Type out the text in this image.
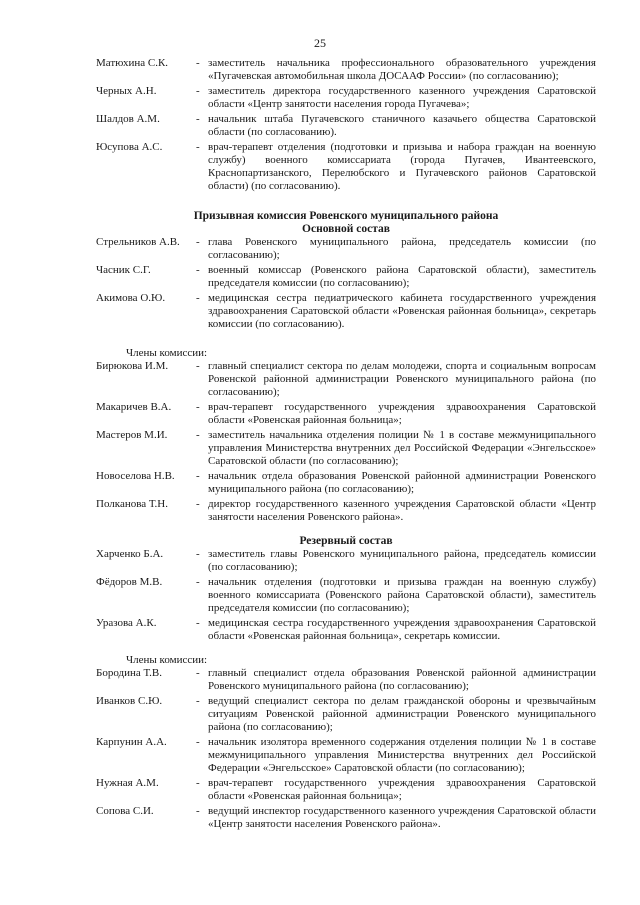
25
Матюхина С.К.	- заместитель начальника профессионального образовательного учреждения «Пугачевская автомобильная школа ДОСААФ России» (по согласованию);
Черных А.Н.	- заместитель директора государственного казенного учреждения Саратовской области «Центр занятости населения города Пугачева»;
Шалдов А.М.	- начальник штаба Пугачевского станичного казачьего общества Саратовской области (по согласованию).
Юсупова А.С.	- врач-терапевт отделения (подготовки и призыва и набора граждан на военную службу) военного комиссариата (города Пугачев, Ивантеевского, Краснопартизанского, Перелюбского и Пугачевского районов Саратовской области) (по согласованию).
Призывная комиссия Ровенского муниципального района
Основной состав
Стрельников А.В.	- глава Ровенского муниципального района, председатель комиссии (по согласованию);
Часник С.Г.	- военный комиссар (Ровенского района Саратовской области), заместитель председателя комиссии (по согласованию);
Акимова О.Ю.	- медицинская сестра педиатрического кабинета государственного учреждения здравоохранения Саратовской области «Ровенская районная больница», секретарь комиссии (по согласованию).
Члены комиссии:
Бирюкова И.М.	- главный специалист сектора по делам молодежи, спорта и социальным вопросам Ровенской районной администрации Ровенского муниципального района (по согласованию);
Макаричев В.А.	- врач-терапевт государственного учреждения здравоохранения Саратовской области «Ровенская районная больница»;
Мастеров М.И.	- заместитель начальника отделения полиции № 1 в составе межмуниципального управления Министерства внутренних дел Российской Федерации «Энгельсское» Саратовской области (по согласованию);
Новоселова Н.В.	- начальник отдела образования Ровенской районной администрации Ровенского муниципального района (по согласованию);
Полканова Т.Н.	- директор государственного казенного учреждения Саратовской области «Центр занятости населения Ровенского района».
Резервный состав
Харченко Б.А.	- заместитель главы Ровенского муниципального района, председатель комиссии (по согласованию);
Фёдоров М.В.	- начальник отделения (подготовки и призыва граждан на военную службу) военного комиссариата (Ровенского района Саратовской области), заместитель председателя комиссии (по согласованию);
Уразова А.К.	- медицинская сестра государственного учреждения здравоохранения Саратовской области «Ровенская районная больница», секретарь комиссии.
Члены комиссии:
Бородина Т.В.	- главный специалист отдела образования Ровенской районной администрации Ровенского муниципального района (по согласованию);
Иванков С.Ю.	- ведущий специалист сектора по делам гражданской обороны и чрезвычайным ситуациям Ровенской районной администрации Ровенского муниципального района (по согласованию);
Карпунин А.А.	- начальник изолятора временного содержания отделения полиции № 1 в составе межмуниципального управления Министерства внутренних дел Российской Федерации «Энгельсское» Саратовской области (по согласованию);
Нужная А.М.	- врач-терапевт государственного учреждения здравоохранения Саратовской области «Ровенская районная больница»;
Сопова С.И.	- ведущий инспектор государственного казенного учреждения Саратовской области «Центр занятости населения Ровенского района».
